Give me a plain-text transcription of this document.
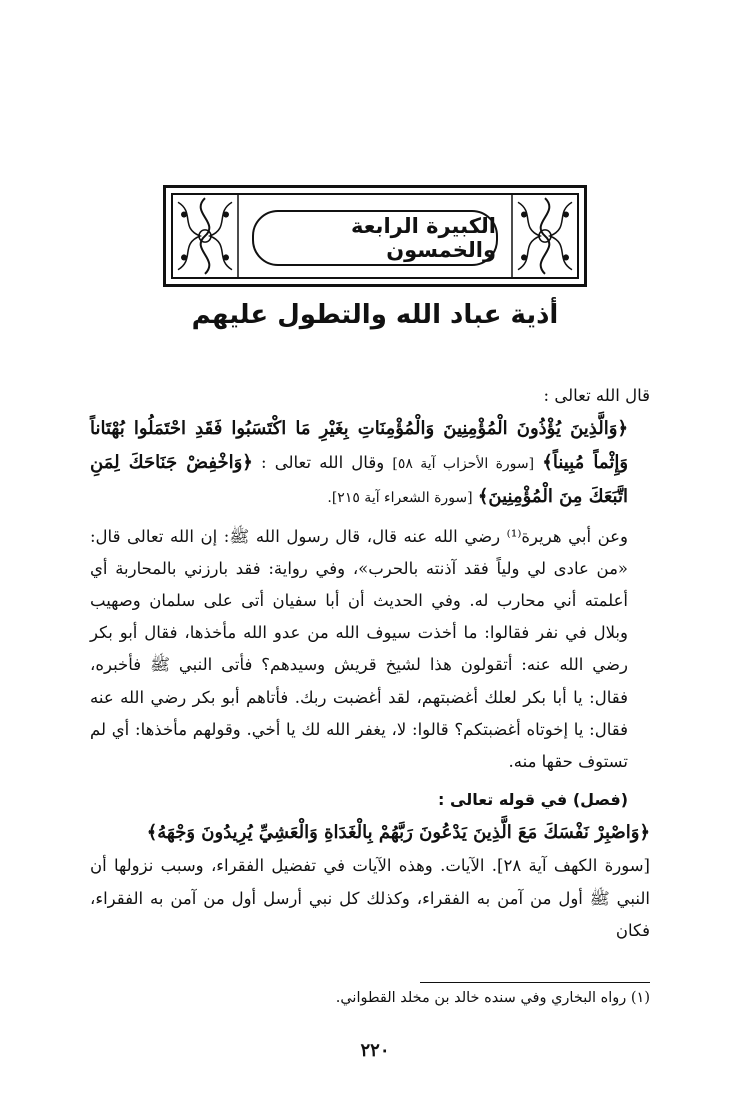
الكبيرة الرابعة والخمسون
أذية عباد الله والتطول عليهم

قال الله تعالى :

﴿وَالَّذِينَ يُؤْذُونَ الْمُؤْمِنِينَ وَالْمُؤْمِنَاتِ بِغَيْرِ مَا اكْتَسَبُوا فَقَدِ احْتَمَلُوا بُهْتَاناً وَإِثْماً مُبِيناً﴾ [سورة الأحزاب آية ٥٨] وقال الله تعالى : ﴿وَاخْفِضْ جَنَاحَكَ لِمَنِ اتَّبَعَكَ مِنَ الْمُؤْمِنِينَ﴾ [سورة الشعراء آية ٢١٥].

وعن أبي هريرة⁽¹⁾ رضي الله عنه قال، قال رسول الله ﷺ: إن الله تعالى قال: «من عادى لي ولياً فقد آذنته بالحرب»، وفي رواية: فقد بارزني بالمحاربة أي أعلمته أني محارب له. وفي الحديث أن أبا سفيان أتى على سلمان وصهيب وبلال في نفر فقالوا: ما أخذت سيوف الله من عدو الله مأخذها، فقال أبو بكر رضي الله عنه: أتقولون هذا لشيخ قريش وسيدهم؟ فأتى النبي ﷺ فأخبره، فقال: يا أبا بكر لعلك أغضبتهم، لقد أغضبت ربك. فأتاهم أبو بكر رضي الله عنه فقال: يا إخوتاه أغضبتكم؟ قالوا: لا، يغفر الله لك يا أخي. وقولهم مأخذها: أي لم تستوف حقها منه.

(فصل) في قوله تعالى :

﴿وَاصْبِرْ نَفْسَكَ مَعَ الَّذِينَ يَدْعُونَ رَبَّهُمْ بِالْغَدَاةِ وَالْعَشِيِّ يُرِيدُونَ وَجْهَهُ﴾

[سورة الكهف آية ٢٨]. الآيات. وهذه الآيات في تفضيل الفقراء، وسبب نزولها أن النبي ﷺ أول من آمن به الفقراء، وكذلك كل نبي أرسل أول من آمن به الفقراء، فكان

(١) رواه البخاري وفي سنده خالد بن مخلد القطواني.
٢٢٠
